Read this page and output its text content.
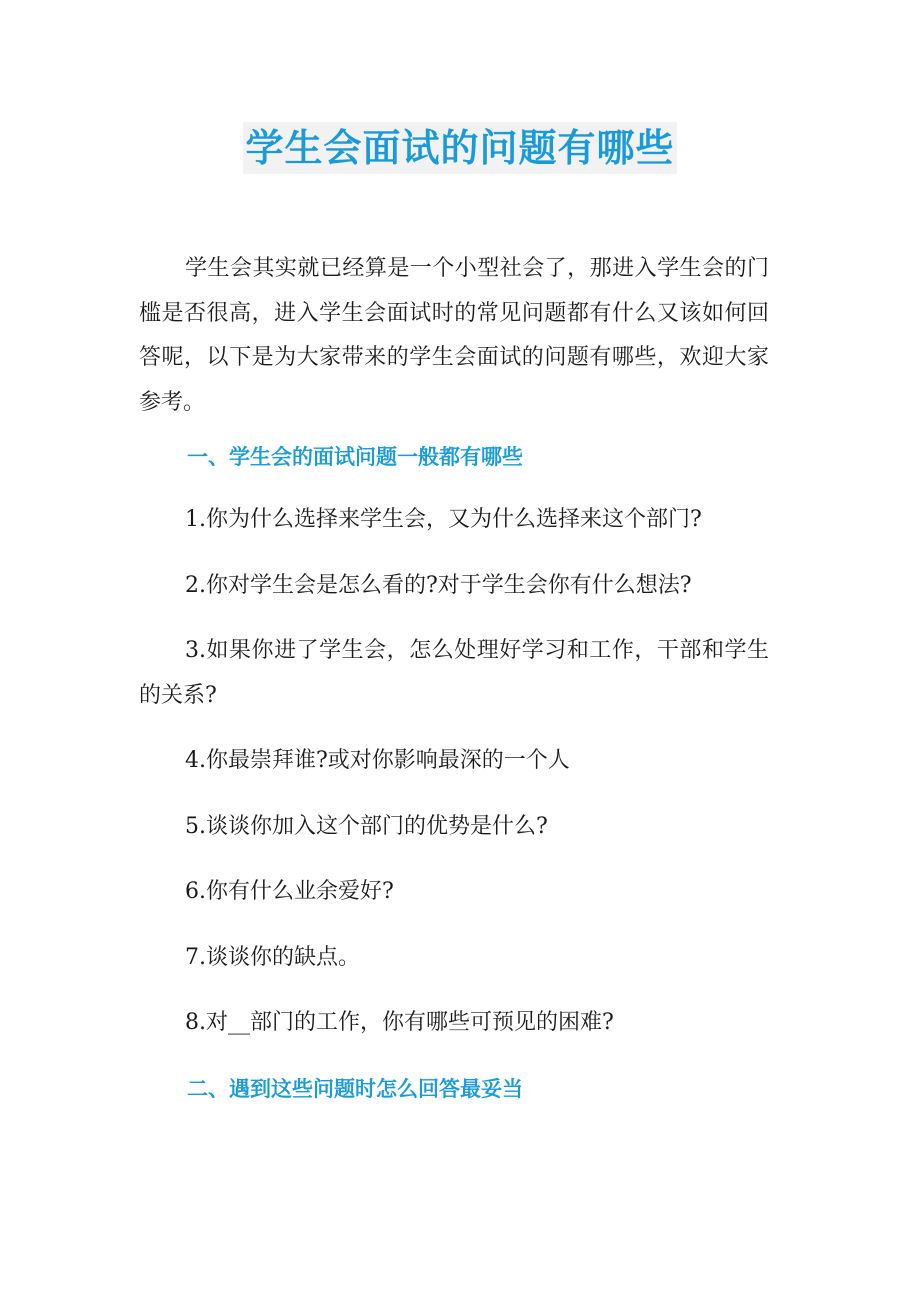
学生会面试的问题有哪些

学生会其实就已经算是一个小型社会了，那进入学生会的门槛是否很高，进入学生会面试时的常见问题都有什么又该如何回答呢，以下是为大家带来的学生会面试的问题有哪些，欢迎大家参考。

一、学生会的面试问题一般都有哪些

1.你为什么选择来学生会，又为什么选择来这个部门?

2.你对学生会是怎么看的?对于学生会你有什么想法?

3.如果你进了学生会，怎么处理好学习和工作，干部和学生的关系?

4.你最崇拜谁?或对你影响最深的一个人

5.谈谈你加入这个部门的优势是什么?

6.你有什么业余爱好?

7.谈谈你的缺点。

8.对__部门的工作，你有哪些可预见的困难?

二、遇到这些问题时怎么回答最妥当
